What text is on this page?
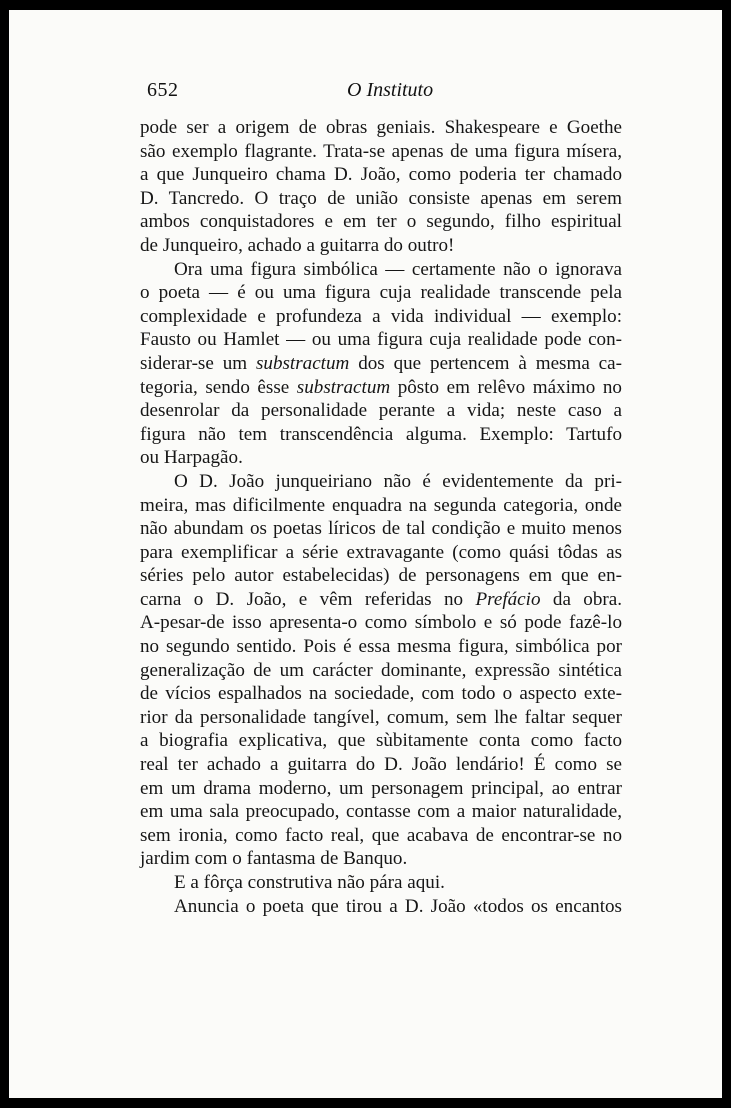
652	O Instituto
pode ser a origem de obras geniais. Shakespeare e Goethe
são exemplo flagrante. Trata-se apenas de uma figura mísera,
a que Junqueiro chama D. João, como poderia ter chamado
D. Tancredo. O traço de união consiste apenas em serem
ambos conquistadores e em ter o segundo, filho espiritual
de Junqueiro, achado a guitarra do outro!
Ora uma figura simbólica — certamente não o ignorava
o poeta — é ou uma figura cuja realidade transcende pela
complexidade e profundeza a vida individual — exemplo:
Fausto ou Hamlet — ou uma figura cuja realidade pode con-
siderar-se um substractum dos que pertencem à mesma ca-
tegoria, sendo êsse substractum pôsto em relêvo máximo no
desenrolar da personalidade perante a vida; neste caso a
figura não tem transcendência alguma. Exemplo: Tartufo
ou Harpagão.
O D. João junqueiriano não é evidentemente da pri-
meira, mas dificilmente enquadra na segunda categoria, onde
não abundam os poetas líricos de tal condição e muito menos
para exemplificar a série extravagante (como quási tôdas as
séries pelo autor estabelecidas) de personagens em que en-
carna o D. João, e vêm referidas no Prefácio da obra.
A-pesar-de isso apresenta-o como símbolo e só pode fazê-lo
no segundo sentido. Pois é essa mesma figura, simbólica por
generalização de um carácter dominante, expressão sintética
de vícios espalhados na sociedade, com todo o aspecto exte-
rior da personalidade tangível, comum, sem lhe faltar sequer
a biografia explicativa, que sùbitamente conta como facto
real ter achado a guitarra do D. João lendário! É como se
em um drama moderno, um personagem principal, ao entrar
em uma sala preocupado, contasse com a maior naturalidade,
sem ironia, como facto real, que acabava de encontrar-se no
jardim com o fantasma de Banquo.
E a fôrça construtiva não pára aqui.
Anuncia o poeta que tirou a D. João «todos os encantos
